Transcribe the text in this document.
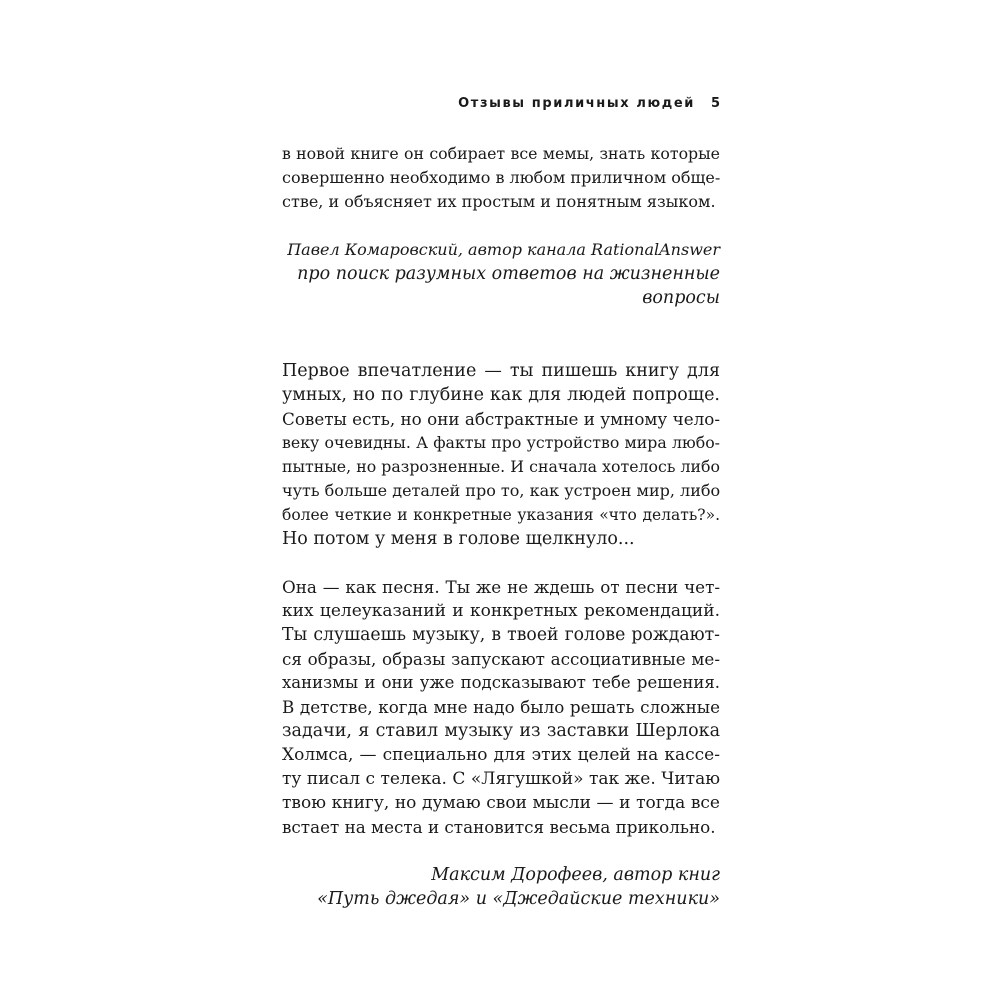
Отзывы приличных людей 5
в новой книге он собирает все мемы, знать которые
совершенно необходимо в любом приличном обще-
стве, и объясняет их простым и понятным языком.
Павел Комаровский, автор канала RationalAnswer
про поиск разумных ответов на жизненные
вопросы
Первое впечатление — ты пишешь книгу для
умных, но по глубине как для людей попроще.
Советы есть, но они абстрактные и умному чело-
веку очевидны. А факты про устройство мира любо-
пытные, но разрозненные. И сначала хотелось либо
чуть больше деталей про то, как устроен мир, либо
более четкие и конкретные указания «что делать?».
Но потом у меня в голове щелкнуло...
Она — как песня. Ты же не ждешь от песни чет-
ких целеуказаний и конкретных рекомендаций.
Ты слушаешь музыку, в твоей голове рождают-
ся образы, образы запускают ассоциативные ме-
ханизмы и они уже подсказывают тебе решения.
В детстве, когда мне надо было решать сложные
задачи, я ставил музыку из заставки Шерлока
Холмса, — специально для этих целей на кассе-
ту писал с телека. С «Лягушкой» так же. Читаю
твою книгу, но думаю свои мысли — и тогда все
встает на места и становится весьма прикольно.
Максим Дорофеев, автор книг
«Путь джедая» и «Джедайские техники»
